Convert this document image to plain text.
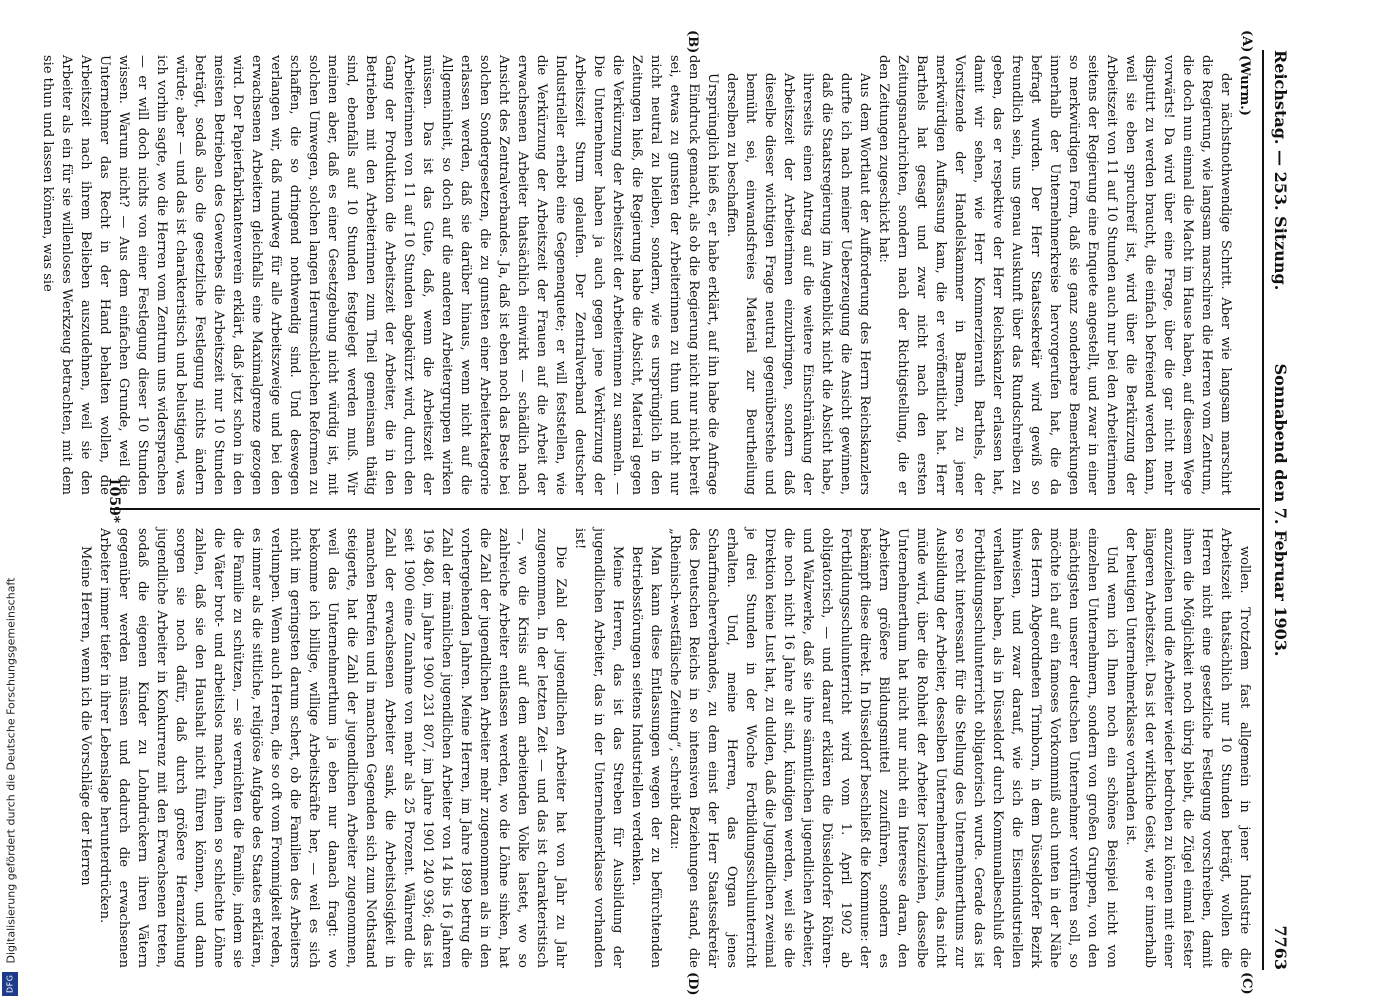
Digitalisierung gefördert durch die Deutsche Forschungsgemeinschaft
DFG
Reichstag. — 253. Sitzung.
Sonnabend den 7. Februar 1903.
7763
(A)
(B)
(C)
(D)

(Wurm.)

der nächstnothwendige Schritt. Aber wie langsam marschirt die Regierung, wie langsam marschiren die Herren vom Zentrum, die doch nun einmal die Macht im Hause haben, auf diesem Wege vorwärts! Da wird über eine Frage, über die gar nicht mehr disputirt zu werden braucht, die einfach befreiend werden kann, weil sie eben spruchreif ist, wird über die Berkürzung der Arbeitszeit von 11 auf 10 Stunden auch nur bei den Arbeiterinnen seitens der Regierung eine Enquete angestellt, und zwar in einer so merkwürdigen Form, daß sie ganz sonderbare Bemerkungen innerhalb der Unternehmerkreise hervorgerufen hat, die da befragt wurden. Der Herr Staatssekretär wird gewiß so freundlich sein, uns genau Auskunft über das Rundschreiben zu geben, das er respektive der Herr Reichskanzler erlassen hat, damit wir sehen, wie Herr Kommerzienrath Barthels, der Vorsitzende der Handelskammer in Barmen, zu jener merkwürdigen Auffassung kam, die er veröffentlicht hat. Herr Barthels hat gesagt und zwar nicht nach den ersten Zeitungsnachrichten, sondern nach der Richtigstellung, die er den Zeitungen zugeschickt hat:

Aus dem Wortlaut der Aufforderung des Herrn Reichskanzlers durfte ich nach meiner Ueberzeugung die Ansicht gewinnen, daß die Staatsregierung im Augenblick nicht die Absicht habe, ihrerseits einen Antrag auf die weitere Einschränkung der Arbeitszeit der Arbeiterinnen einzubringen, sondern daß dieselbe dieser wichtigen Frage neutral gegenüberstehe und bemüht sei, einwandsfreies Material zur Beurtheilung derselben zu beschaffen.

Ursprünglich hieß es, er habe erklärt, auf ihn habe die Anfrage den Eindruck gemacht, als ob die Regierung nicht nur nicht bereit sei, etwas zu gunsten der Arbeiterinnen zu thun und nicht nur nicht neutral zu bleiben, sondern, wie es ursprünglich in den Zeitungen hieß, die Regierung habe die Absicht, Material gegen die Verkürzung der Arbeitszeit der Arbeiterinnen zu sammeln. — Die Unternehmer haben ja auch gegen jene Verkürzung der Arbeitszeit Sturm gelaufen. Der Zentralverband deutscher Industrieller erhebt eine Gegenenquete; er will feststellen, wie die Verkürzung der Arbeitszeit der Frauen auf die Arbeit der erwachsenen Arbeiter thatsächlich einwirkt — schädlich nach Ansicht des Zentralverbandes. Ja, daß ist eben noch das Beste bei solchen Sondergesetzen, die zu gunsten einer Arbeiterkategorie erlassen werden, daß sie darüber hinaus, wenn nicht auf die Allgemeinheit, so doch auf die anderen Arbeitergruppen wirken müssen. Das ist das Gute, daß, wenn die Arbeitszeit der Arbeiterinnen von 11 auf 10 Stunden abgekürzt wird, durch den Gang der Produktion die Arbeitszeit der Arbeiter, die in den Betrieben mit den Arbeiterinnen zum Theil gemeinsam thätig sind, ebenfalls auf 10 Stunden festgelegt werden muß. Wir meinen aber, daß es einer Gesetzgebung nicht würdig ist, mit solchen Umwegen, solchen langen Herumschleichen Reformen zu schaffen, die so dringend nothwendig sind. Und deswegen verlangen wir, daß rundweg für alle Arbeitszweige und bei den erwachsenen Arbeitern gleichfalls eine Maximalgrenze gezogen wird. Der Papierfabrikantenverein erklärt, daß jetzt schon in den meisten Betrieben des Gewerbes die Arbeitszeit nur 10 Stunden beträgt, sodaß also die gesetzliche Festlegung nichts ändern würde; aber — und das ist charakteristisch und belustigend, was ich vorhin sagte, wo die Herren vom Zentrum uns widersprachen — er will doch nichts von einer Festlegung dieser 10 Stunden wissen. Warum nicht? — Aus dem einfachen Grunde, weil die Unternehmer das Recht in der Hand behalten wollen, die Arbeitszeit nach ihrem Belieben auszudehnen, weil sie den Arbeiter als ein für sie willenloses Werkzeug betrachten, mit dem sie thun und lassen können, was sie

wollen. Trotzdem fast allgemein in jener Industrie die Arbeitszeit thatsächlich nur 10 Stunden beträgt, wollen die Herren nicht eine gesetzliche Festlegung vorschreiben, damit ihnen die Möglichkeit noch übrig bleibt, die Zügel einmal fester anzuziehen und die Arbeiter wieder bedrohen zu können mit einer längeren Arbeitszeit. Das ist der wirkliche Geist, wie er innerhalb der heutigen Unternehmerklasse vorhanden ist.

Und wenn ich Ihnen noch ein schönes Beispiel nicht von einzelnen Unternehmern, sondern von großen Gruppen, von den mächtigsten unserer deutschen Unternehmer vorführen soll, so möchte ich auf ein famoses Vorkommniß auch unten in der Nähe des Herrn Abgeordneten Trimborn, in dem Düsseldorfer Bezirk hinweisen, und zwar darauf, wie sich die Eisenindustriellen verhalten haben, als in Düsseldorf durch Kommunalbeschluß der Fortbildungsschulunterricht obligatorisch wurde. Gerade das ist so recht interessant für die Stellung des Unternehmerthums zur Ausbildung der Arbeiter, desselben Unternehmerthums, das nicht müde wird, über die Rohheit der Arbeiter loszuziehen, dasselbe Unternehmerthum hat nicht nur nicht ein Interesse daran, den Arbeitern größere Bildungsmittel zuzuführen, sondern es bekämpft diese direkt. In Düsseldorf beschließt die Kommune: der Fortbildungsschulunterricht wird vom 1. April 1902 ab obligatorisch, — und darauf erklären die Düsseldorfer Röhren- und Walzwerke, daß sie ihre sämmtlichen jugendlichen Arbeiter, die noch nicht 16 Jahre alt sind, kündigen werden, weil sie die Direktion keine Lust hat, zu dulden, daß die Jugendlichen zweimal je drei Stunden in der Woche Fortbildungsschulunterricht erhalten. Und, meine Herren, das Organ jenes Scharfmacherverbandes, zu dem einst der Herr Staatssekretär des Deutschen Reichs in so intensiven Beziehungen stand, die „Rheinisch-westfälische Zeitung“, schreibt dazu:

Man kann diese Entlassungen wegen der zu befürchtenden Betriebsstörungen seitens Industriellen verdenken.

Meine Herren, das ist das Streben für Ausbildung der jugendlichen Arbeiter, das in der Unternehmerklasse vorhanden ist!

Die Zahl der jugendlichen Arbeiter hat von Jahr zu Jahr zugenommen. In der letzten Zeit — und das ist charakteristisch —, wo die Krisis auf dem arbeitenden Volke lastet, wo so zahlreiche Arbeiter entlassen werden, wo die Löhne sinken, hat die Zahl der jugendlichen Arbeiter mehr zugenommen als in den vorhergehenden Jahren. Meine Herren, im Jahre 1899 betrug die Zahl der männlichen jugendlichen Arbeiter von 14 bis 16 Jahren 196 480, im Jahre 1900 231 807, im Jahre 1901 240 936; das ist seit 1900 eine Zunahme von mehr als 25 Prozent. Während die Zahl der erwachsenen Arbeiter sank, die Arbeitslosigkeit in manchen Berufen und in manchen Gegenden sich zum Nothstand steigerte, hat die Zahl der jugendlichen Arbeiter zugenommen, weil das Unternehmerthum ja eben nur danach fragt: wo bekomme ich billige, willige Arbeitskräfte her, — weil es sich nicht im geringsten darum schert, ob die Familien des Arbeiters verlumpen. Wenn auch Herren, die so oft vom Frommigkeit reden, es immer als die sittliche, religiöse Aufgabe des Staates erklären, die Familie zu schützen, — sie vernichten die Familie, indem sie die Väter brot- und arbeitslos machen, ihnen so schlechte Löhne zahlen, daß sie den Haushalt nicht führen können, und dann sorgen sie noch dafür, daß durch größere Heranziehung jugendliche Arbeiter in Konkurrenz mit den Erwachsenen treten, sodaß die eigenen Kinder zu Lohndrückern ihren Vätern gegenüber werden müssen und dadurch die erwachsenen Arbeiter immer tiefer in ihrer Lebenslage herunterdrücken.

Meine Herren, wenn ich die Vorschläge der Herren

1059*
